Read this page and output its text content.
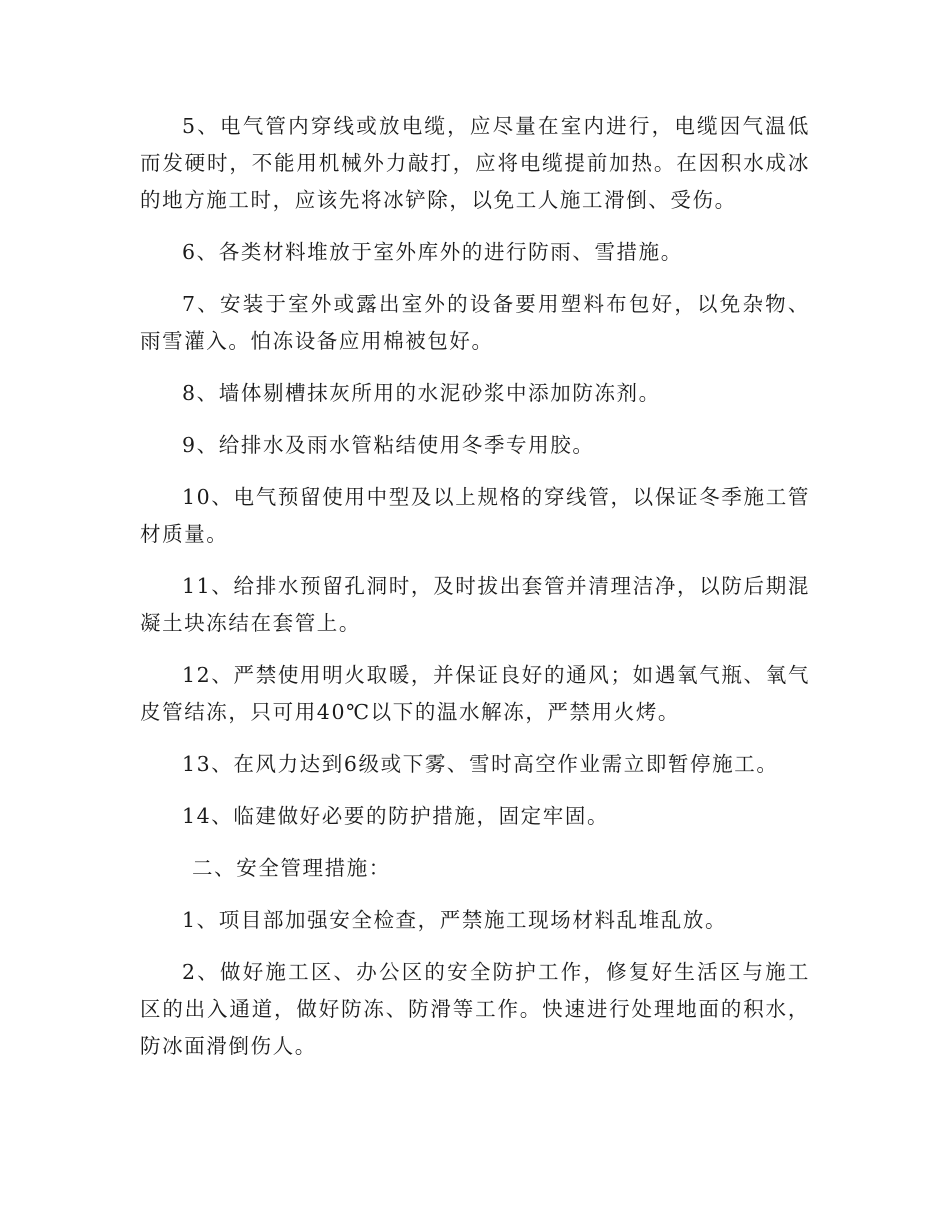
5、电气管内穿线或放电缆，应尽量在室内进行，电缆因气温低而发硬时，不能用机械外力敲打，应将电缆提前加热。在因积水成冰的地方施工时，应该先将冰铲除，以免工人施工滑倒、受伤。

6、各类材料堆放于室外库外的进行防雨、雪措施。

7、安装于室外或露出室外的设备要用塑料布包好，以免杂物、雨雪灌入。怕冻设备应用棉被包好。

8、墙体剔槽抹灰所用的水泥砂浆中添加防冻剂。

9、给排水及雨水管粘结使用冬季专用胶。

10、电气预留使用中型及以上规格的穿线管，以保证冬季施工管材质量。

11、给排水预留孔洞时，及时拔出套管并清理洁净，以防后期混凝土块冻结在套管上。

12、严禁使用明火取暖，并保证良好的通风；如遇氧气瓶、氧气皮管结冻，只可用40℃以下的温水解冻，严禁用火烤。

13、在风力达到6级或下雾、雪时高空作业需立即暂停施工。

14、临建做好必要的防护措施，固定牢固。

二、安全管理措施：

1、项目部加强安全检查，严禁施工现场材料乱堆乱放。

2、做好施工区、办公区的安全防护工作，修复好生活区与施工区的出入通道，做好防冻、防滑等工作。快速进行处理地面的积水，防冰面滑倒伤人。
